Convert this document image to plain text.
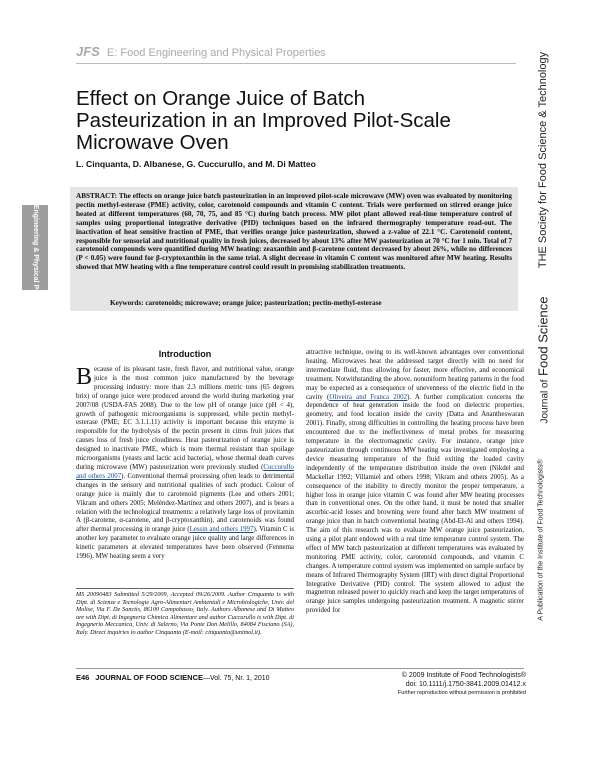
JFS E: Food Engineering and Physical Properties
Effect on Orange Juice of Batch Pasteurization in an Improved Pilot-Scale Microwave Oven
L. Cinquanta, D. Albanese, G. Cuccurullo, and M. Di Matteo

ABSTRACT: The effects on orange juice batch pasteurization in an improved pilot-scale microwave (MW) oven was evaluated by monitoring pectin methyl-esterase (PME) activity, color, carotenoid compounds and vitamin C content. Trials were performed on stirred orange juice heated at different temperatures (60, 70, 75, and 85 °C) during batch process. MW pilot plant allowed real-time temperature control of samples using proportional integrative derivative (PID) techniques based on the infrared thermography temperature read-out. The inactivation of heat sensitive fraction of PME, that verifies orange juice pasteurization, showed a z-value of 22.1 °C. Carotenoid content, responsible for sensorial and nutritional quality in fresh juices, decreased by about 13% after MW pasteurization at 70 °C for 1 min. Total of 7 carotenoid compounds were quantified during MW heating: zeaxanthin and β-carotene content decreased by about 26%, while no differences (P < 0.05) were found for β-cryptoxanthin in the same trial. A slight decrease in vitamin C content was monitored after MW heating. Results showed that MW heating with a fine temperature control could result in promising stabilization treatments.

Keywords: carotenoids; microwave; orange juice; pasteurization; pectin-methyl-esterase
E: Food Engineering & Physical Properties	THE Society for Food Science & Technology
Journal of Food Science
A Publication of the Institute of Food Technologists®
Introduction
Because of its pleasant taste, fresh flavor, and nutritional value, orange juice is the most common juice manufactured by the beverage processing industry: more than 2.3 millions metric tons (65 degrees brix) of orange juice were produced around the world during marketing year 2007/08 (USDA-FAS 2008). Due to the low pH of orange juice (pH < 4), growth of pathogenic microorganisms is suppressed, while pectin methyl-esterase (PME; EC 3.1.1.11) activity is important because this enzyme is responsible for the hydrolysis of the pectin present in citrus fruit juices that causes loss of fresh juice cloudiness. Heat pasteurization of orange juice is designed to inactivate PME, which is more thermal resistant than spoilage microorganisms (yeasts and lactic acid bacteria), whose thermal death curves during microwave (MW) pasteurization were previously studied (Cuccurullo and others 2007). Conventional thermal processing often leads to detrimental changes in the sensory and nutritional qualities of such product. Colour of orange juice is mainly due to carotenoid pigments (Lee and others 2001; Vikram and others 2005; Meléndez-Martínez and others 2007), and is bears a relation with the technological treatments: a relatively large loss of provitamin A (β-carotene, α-carotene, and β-cryptoxanthin), and carotenoids was found after thermal processing in orange juice (Lessin and others 1997). Vitamin C is another key parameter to evaluate orange juice quality and large differences in kinetic parameters at elevated temperatures have been observed (Fennema 1996). MW heating seem a very
attractive technique, owing to its well-known advantages over conventional heating. Microwaves heat the addressed target directly with no need for intermediate fluid, thus allowing for faster, more effective, and economical treatment. Notwithstanding the above, nonuniform heating patterns in the food may be expected as a consequence of unevenness of the electric field in the cavity (Oliveira and Franca 2002). A further complication concerns the dependence of heat generation inside the food on dielectric properties, geometry, and food location inside the cavity (Datta and Anantheswaran 2001). Finally, strong difficulties in controlling the heating process have been encountered due to the ineffectiveness of metal probes for measuring temperature in the electromagnetic cavity. For instance, orange juice pasteurization through continuous MW heating was investigated employing a device measuring temperature of the fluid exiting the loaded cavity independently of the temperature distribution inside the oven (Nikdel and Mackellar 1992; Villamiel and others 1998; Vikram and others 2005). As a consequence of the inability to directly monitor the proper temperature, a higher loss in orange juice vitamin C was found after MW heating processes than in conventional ones. On the other hand, it must be noted that smaller ascorbic-acid losses and browning were found after batch MW treatment of orange juice than in batch conventional heating (Abd-El-Al and others 1994). The aim of this research was to evaluate MW orange juice pasteurization, using a pilot plant endowed with a real time temperature control system. The effect of MW batch pasteurization at different temperatures was evaluated by monitoring PME activity, color, carotenoid compounds, and vitamin C changes. A temperature control system was implemented on sample surface by means of Infrared Thermography System (IRT) with direct digital Proportional Integrative Derivative (PID) control. The system allowed to adjust the magnetron released power to quickly reach and keep the target temperatures of orange juice samples undergoing pasteurization treatment. A magnetic stirrer provided for
MS 20090483 Submitted 5/29/2009, Accepted 09/26/2009. Author Cinquanta is with Dipt. di Scienze e Tecnologie Agro-Alimentari Ambientali e Microbiologiche, Univ. del Molise, Via F. De Sanctis, 86100 Campobasso, Italy. Authors Albanese and Di Matteo are with Dipt. di Ingegneria Chimica Alimentare and author Cuccurullo is with Dipt. di Ingegneria Meccanica, Univ. di Salerno, Via Ponte Don Melillo, 84084 Fisciano (SA), Italy. Direct inquiries to author Cinquanta (E-mail: cinquanta@unimol.it).
E46 JOURNAL OF FOOD SCIENCE—Vol. 75, Nr. 1, 2010	© 2009 Institute of Food Technologists®
doi: 10.1111/j.1750-3841.2009.01412.x
Further reproduction without permission is prohibited
